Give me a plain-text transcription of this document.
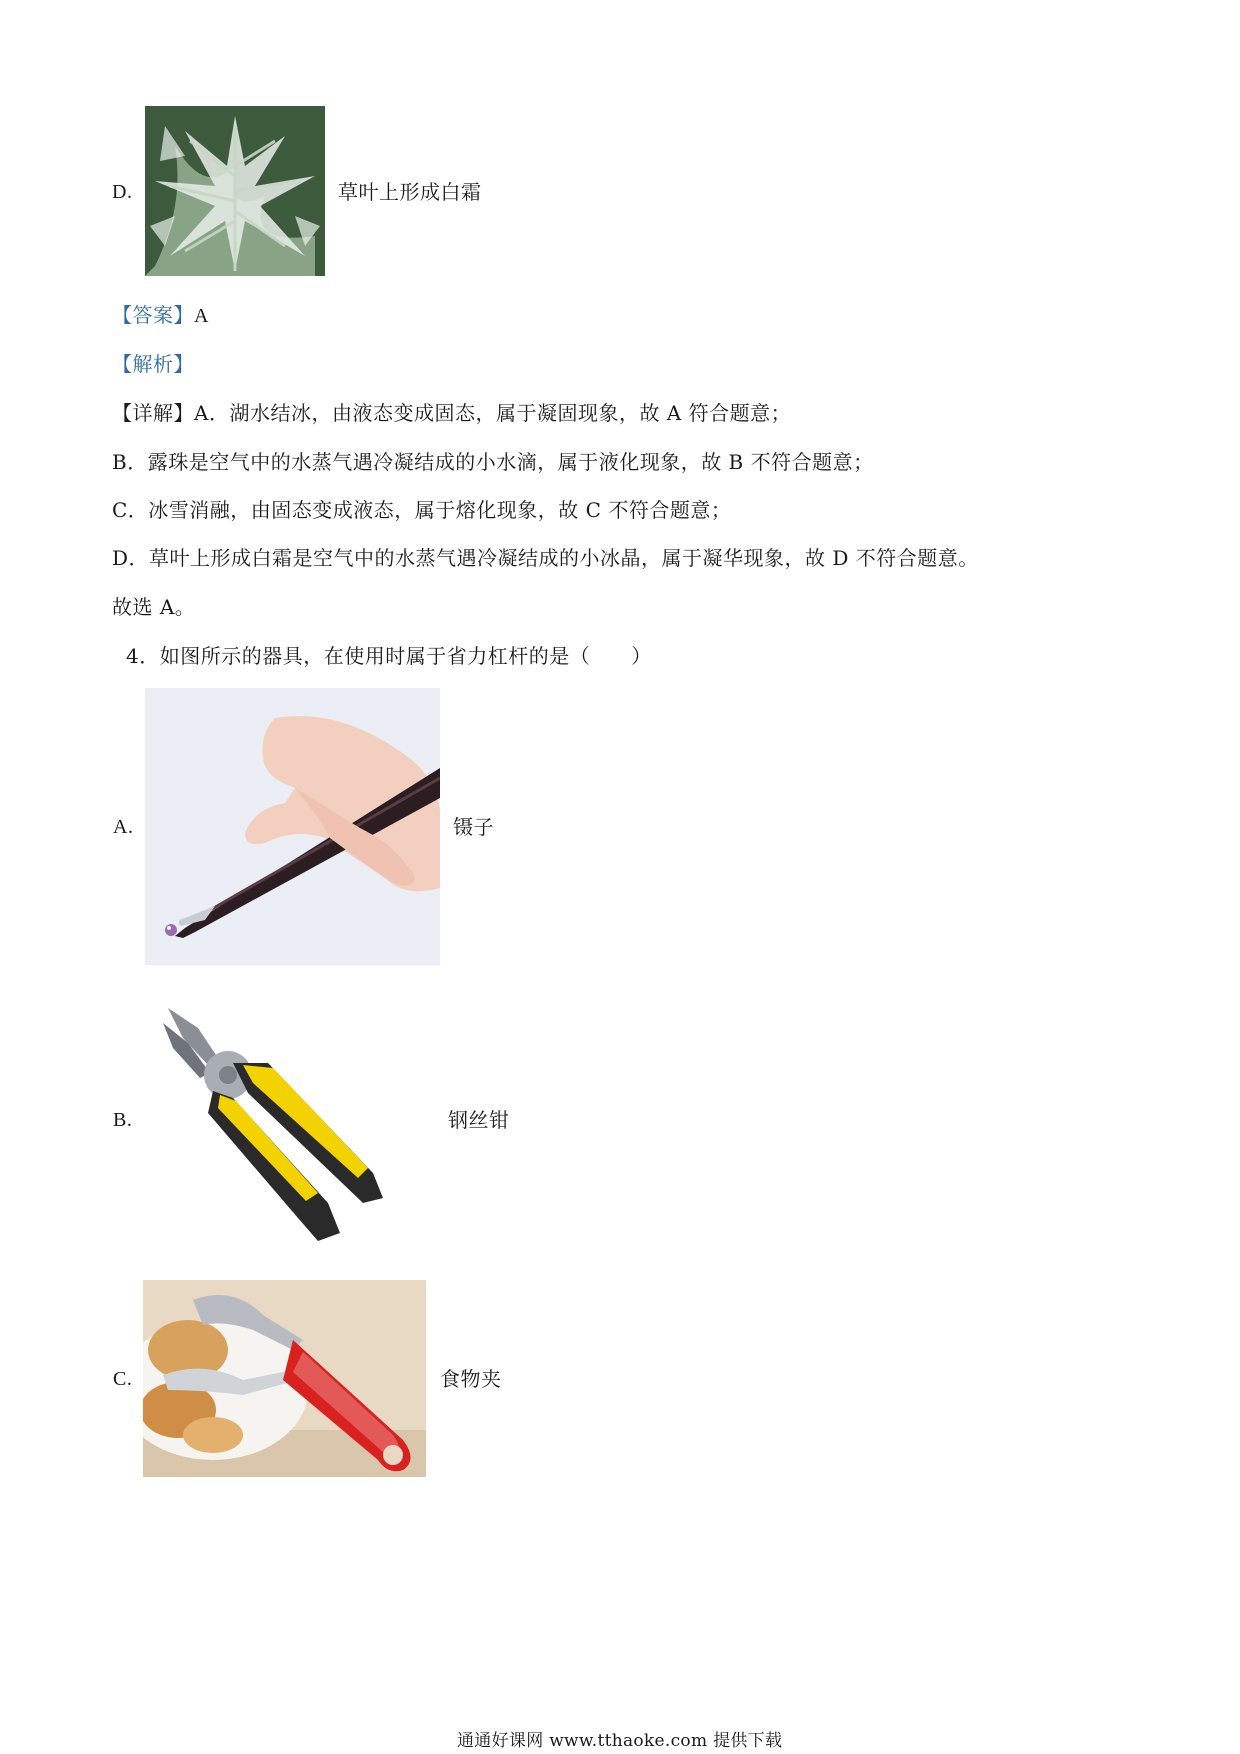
D.	草叶上形成白霜
【答案】A
【解析】
【详解】A．湖水结冰，由液态变成固态，属于凝固现象，故 A 符合题意；
B．露珠是空气中的水蒸气遇冷凝结成的小水滴，属于液化现象，故 B 不符合题意；
C．冰雪消融，由固态变成液态，属于熔化现象，故 C 不符合题意；
D．草叶上形成白霜是空气中的水蒸气遇冷凝结成的小冰晶，属于凝华现象，故 D 不符合题意。
故选 A。
4．如图所示的器具，在使用时属于省力杠杆的是（　　）
A.	镊子
B.	钢丝钳
C.	食物夹
通通好课网 www.tthaoke.com 提供下载
